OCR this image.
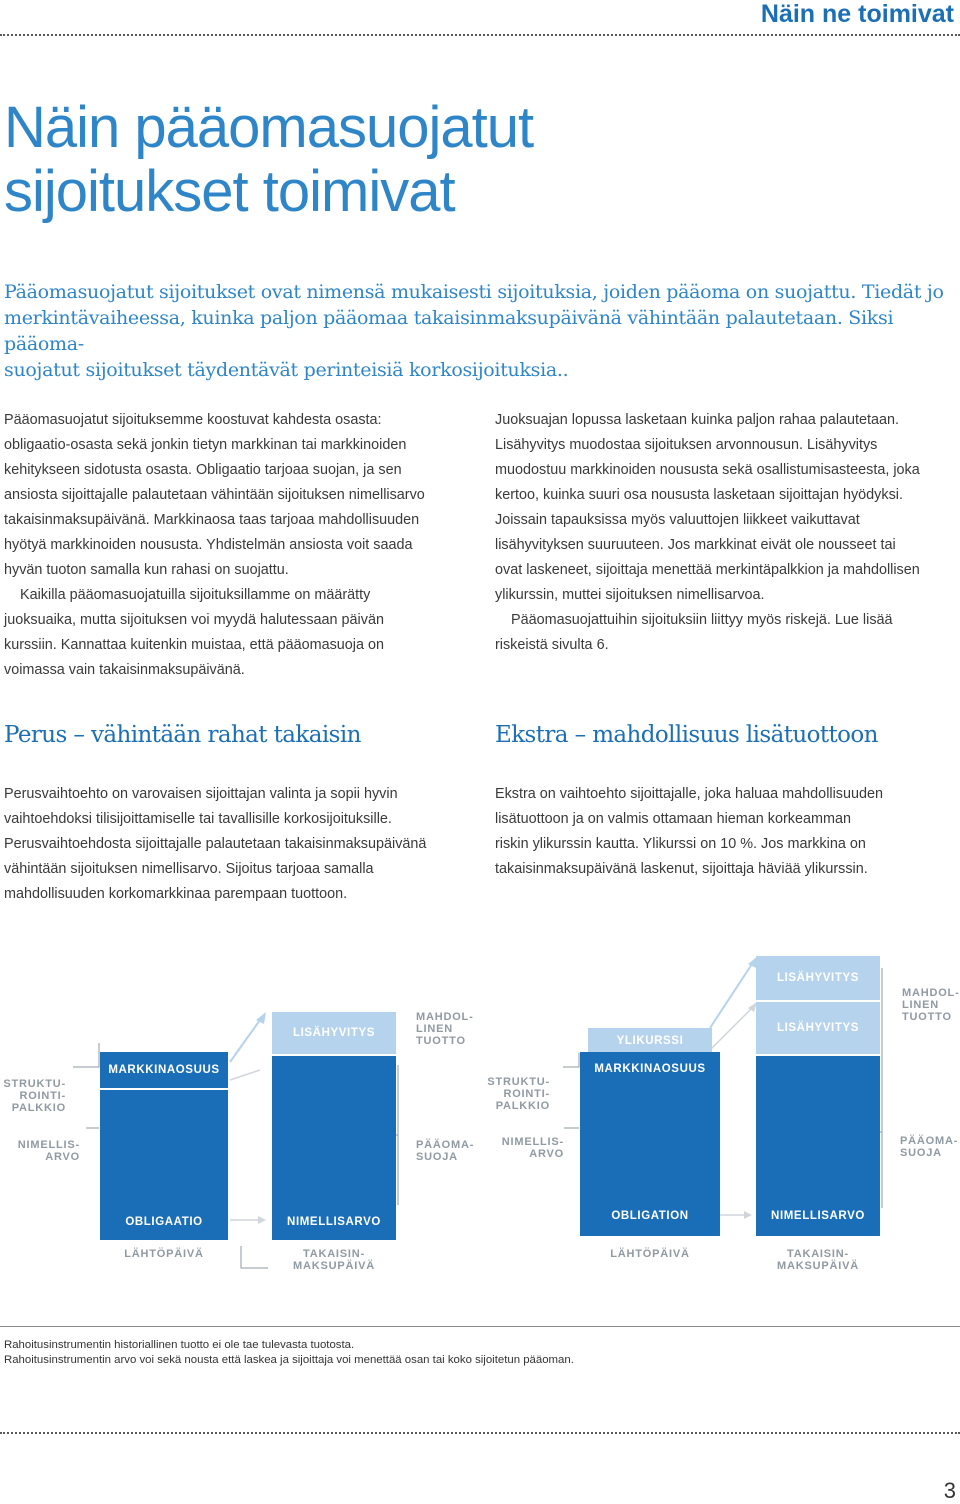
Näin ne toimivat
Näin pääomasuojatut
sijoitukset toimivat
Pääomasuojatut sijoitukset ovat nimensä mukaisesti sijoituksia, joiden pääoma on suojattu. Tiedät jo
merkintävaiheessa, kuinka paljon pääomaa takaisinmaksupäivänä vähintään palautetaan. Siksi pääoma-
suojatut sijoitukset täydentävät perinteisiä korkosijoituksia..
Pääomasuojatut sijoituksemme koostuvat kahdesta osasta:
obligaatio-osasta sekä jonkin tietyn markkinan tai markkinoiden
kehitykseen sidotusta osasta. Obligaatio tarjoaa suojan, ja sen
ansiosta sijoittajalle palautetaan vähintään sijoituksen nimellisarvo
takaisinmaksupäivänä. Markkinaosa taas tarjoaa mahdollisuuden
hyötyä markkinoiden noususta. Yhdistelmän ansiosta voit saada
hyvän tuoton samalla kun rahasi on suojattu.
Kaikilla pääomasuojatuilla sijoituksillamme on määrätty
juoksuaika, mutta sijoituksen voi myydä halutessaan päivän
kurssiin. Kannattaa kuitenkin muistaa, että pääomasuoja on
voimassa vain takaisinmaksupäivänä.
Juoksuajan lopussa lasketaan kuinka paljon rahaa palautetaan.
Lisähyvitys muodostaa sijoituksen arvonnousun. Lisähyvitys
muodostuu markkinoiden noususta sekä osallistumisasteesta, joka
kertoo, kuinka suuri osa noususta lasketaan sijoittajan hyödyksi.
Joissain tapauksissa myös valuuttojen liikkeet vaikuttavat
lisähyvityksen suuruuteen. Jos markkinat eivät ole nousseet tai
ovat laskeneet, sijoittaja menettää merkintäpalkkion ja mahdollisen
ylikurssin, muttei sijoituksen nimellisarvoa.
Pääomasuojattuihin sijoituksiin liittyy myös riskejä. Lue lisää
riskeistä sivulta 6.
Perus – vähintään rahat takaisin	Ekstra – mahdollisuus lisätuottoon
Perusvaihtoehto on varovaisen sijoittajan valinta ja sopii hyvin
vaihtoehdoksi tilisijoittamiselle tai tavallisille korkosijoituksille.
Perusvaihtoehdosta sijoittajalle palautetaan takaisinmaksupäivänä
vähintään sijoituksen nimellisarvo. Sijoitus tarjoaa samalla
mahdollisuuden korkomarkkinaa parempaan tuottoon.
Ekstra on vaihtoehto sijoittajalle, joka haluaa mahdollisuuden
lisätuottoon ja on valmis ottamaan hieman korkeamman
riskin ylikurssin kautta. Ylikurssi on 10 %. Jos markkina on
takaisinmaksupäivänä laskenut, sijoittaja häviää ylikurssin.
MARKKINAOSUUS
OBLIGAATIO
LISÄHYVITYS
NIMELLISARVO
STRUKTU-
ROINTI-
PALKKIO
NIMELLIS-
ARVO
MAHDOL-
LINEN
TUOTTO
PÄÄOMA-
SUOJA
LÄHTÖPÄIVÄ	TAKAISIN-
MAKSUPÄIVÄ
YLIKURSSI
MARKKINAOSUUS
OBLIGATION
LISÄHYVITYS
LISÄHYVITYS
NIMELLISARVO
STRUKTU-
ROINTI-
PALKKIO
NIMELLIS-
ARVO
MAHDOL-
LINEN
TUOTTO
PÄÄOMA-
SUOJA
LÄHTÖPÄIVÄ	TAKAISIN-
MAKSUPÄIVÄ
Rahoitusinstrumentin historiallinen tuotto ei ole tae tulevasta tuotosta.
Rahoitusinstrumentin arvo voi sekä nousta että laskea ja sijoittaja voi menettää osan tai koko sijoitetun pääoman.
3
